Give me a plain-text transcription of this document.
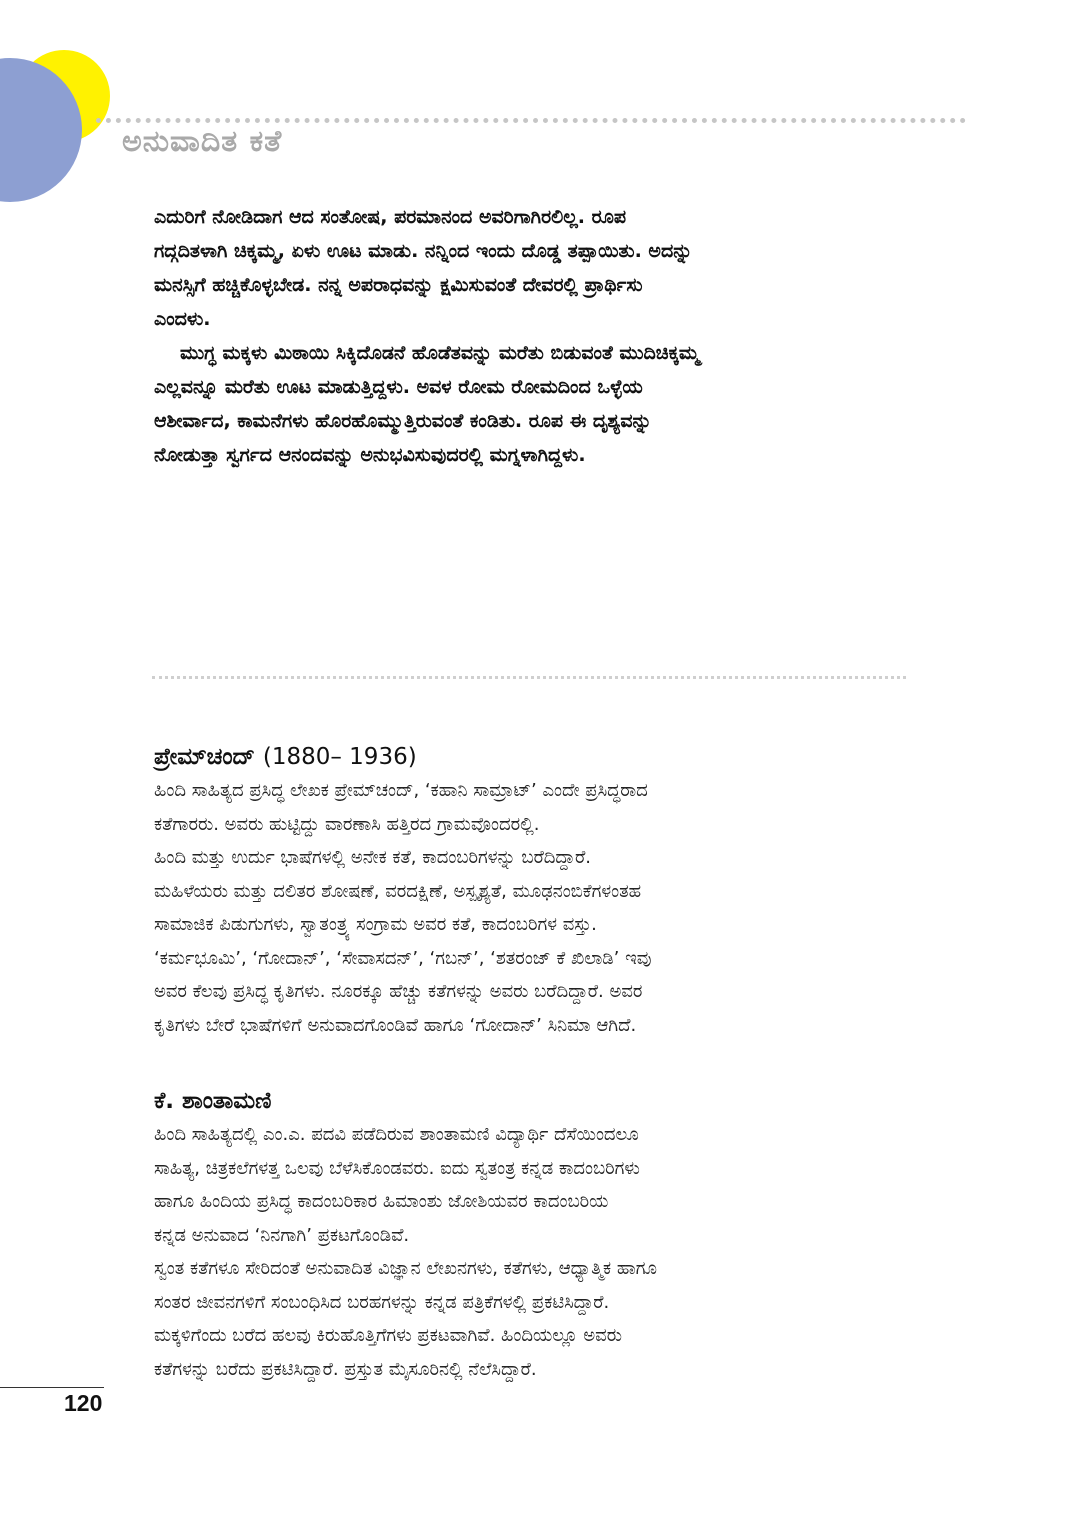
ಅನುವಾದಿತ ಕತೆ

ಎದುರಿಗೆ ನೋಡಿದಾಗ ಆದ ಸಂತೋಷ, ಪರಮಾನಂದ ಅವರಿಗಾಗಿರಲಿಲ್ಲ. ರೂಪ
ಗದ್ಗದಿತಳಾಗಿ ಚಿಕ್ಕಮ್ಮ, ಏಳು ಊಟ ಮಾಡು. ನನ್ನಿಂದ ಇಂದು ದೊಡ್ಡ ತಪ್ಪಾಯಿತು. ಅದನ್ನು
ಮನಸ್ಸಿಗೆ ಹಚ್ಚಿಕೊಳ್ಳಬೇಡ. ನನ್ನ ಅಪರಾಧವನ್ನು ಕ್ಷಮಿಸುವಂತೆ ದೇವರಲ್ಲಿ ಪ್ರಾರ್ಥಿಸು
ಎಂದಳು.

ಮುಗ್ಧ ಮಕ್ಕಳು ಮಿಠಾಯಿ ಸಿಕ್ಕಿದೊಡನೆ ಹೊಡೆತವನ್ನು ಮರೆತು ಬಿಡುವಂತೆ ಮುದಿಚಿಕ್ಕಮ್ಮ
ಎಲ್ಲವನ್ನೂ ಮರೆತು ಊಟ ಮಾಡುತ್ತಿದ್ದಳು. ಅವಳ ರೋಮ ರೋಮದಿಂದ ಒಳ್ಳೆಯ
ಆಶೀರ್ವಾದ, ಕಾಮನೆಗಳು ಹೊರಹೊಮ್ಮುತ್ತಿರುವಂತೆ ಕಂಡಿತು. ರೂಪ ಈ ದೃಶ್ಯವನ್ನು
ನೋಡುತ್ತಾ ಸ್ವರ್ಗದ ಆನಂದವನ್ನು ಅನುಭವಿಸುವುದರಲ್ಲಿ ಮಗ್ನಳಾಗಿದ್ದಳು.

ಪ್ರೇಮ್‌ಚಂದ್ (1880– 1936)
ಹಿಂದಿ ಸಾಹಿತ್ಯದ ಪ್ರಸಿದ್ಧ ಲೇಖಕ ಪ್ರೇಮ್‌ಚಂದ್, ‘ಕಹಾನಿ ಸಾಮ್ರಾಟ್’ ಎಂದೇ ಪ್ರಸಿದ್ಧರಾದ
ಕತೆಗಾರರು. ಅವರು ಹುಟ್ಟಿದ್ದು ವಾರಣಾಸಿ ಹತ್ತಿರದ ಗ್ರಾಮವೊಂದರಲ್ಲಿ.
ಹಿಂದಿ ಮತ್ತು ಉರ್ದು ಭಾಷೆಗಳಲ್ಲಿ ಅನೇಕ ಕತೆ, ಕಾದಂಬರಿಗಳನ್ನು ಬರೆದಿದ್ದಾರೆ.
ಮಹಿಳೆಯರು ಮತ್ತು ದಲಿತರ ಶೋಷಣೆ, ವರದಕ್ಷಿಣೆ, ಅಸ್ಪೃಶ್ಯತೆ, ಮೂಢನಂಬಿಕೆಗಳಂತಹ
ಸಾಮಾಜಿಕ ಪಿಡುಗುಗಳು, ಸ್ವಾತಂತ್ರ್ಯ ಸಂಗ್ರಾಮ ಅವರ ಕತೆ, ಕಾದಂಬರಿಗಳ ವಸ್ತು.
‘ಕರ್ಮಭೂಮಿ’, ‘ಗೋದಾನ್’, ‘ಸೇವಾಸದನ್’, ‘ಗಬನ್’, ‘ಶತರಂಜ್ ಕೆ ಖಿಲಾಡಿ’ ಇವು
ಅವರ ಕೆಲವು ಪ್ರಸಿದ್ಧ ಕೃತಿಗಳು. ನೂರಕ್ಕೂ ಹೆಚ್ಚು ಕತೆಗಳನ್ನು ಅವರು ಬರೆದಿದ್ದಾರೆ. ಅವರ
ಕೃತಿಗಳು ಬೇರೆ ಭಾಷೆಗಳಿಗೆ ಅನುವಾದಗೊಂಡಿವೆ ಹಾಗೂ ‘ಗೋದಾನ್’ ಸಿನಿಮಾ ಆಗಿದೆ.
ಕೆ. ಶಾಂತಾಮಣಿ
ಹಿಂದಿ ಸಾಹಿತ್ಯದಲ್ಲಿ ಎಂ.ಎ. ಪದವಿ ಪಡೆದಿರುವ ಶಾಂತಾಮಣಿ ವಿದ್ಯಾರ್ಥಿ ದೆಸೆಯಿಂದಲೂ
ಸಾಹಿತ್ಯ, ಚಿತ್ರಕಲೆಗಳತ್ತ ಒಲವು ಬೆಳೆಸಿಕೊಂಡವರು. ಐದು ಸ್ವತಂತ್ರ ಕನ್ನಡ ಕಾದಂಬರಿಗಳು
ಹಾಗೂ ಹಿಂದಿಯ ಪ್ರಸಿದ್ಧ ಕಾದಂಬರಿಕಾರ ಹಿಮಾಂಶು ಜೋಶಿಯವರ ಕಾದಂಬರಿಯ
ಕನ್ನಡ ಅನುವಾದ ‘ನಿನಗಾಗಿ’ ಪ್ರಕಟಗೊಂಡಿವೆ.
ಸ್ವಂತ ಕತೆಗಳೂ ಸೇರಿದಂತೆ ಅನುವಾದಿತ ವಿಜ್ಞಾನ ಲೇಖನಗಳು, ಕತೆಗಳು, ಆಧ್ಯಾತ್ಮಿಕ ಹಾಗೂ
ಸಂತರ ಜೀವನಗಳಿಗೆ ಸಂಬಂಧಿಸಿದ ಬರಹಗಳನ್ನು ಕನ್ನಡ ಪತ್ರಿಕೆಗಳಲ್ಲಿ ಪ್ರಕಟಿಸಿದ್ದಾರೆ.
ಮಕ್ಕಳಿಗೆಂದು ಬರೆದ ಹಲವು ಕಿರುಹೊತ್ತಿಗೆಗಳು ಪ್ರಕಟವಾಗಿವೆ. ಹಿಂದಿಯಲ್ಲೂ ಅವರು
ಕತೆಗಳನ್ನು ಬರೆದು ಪ್ರಕಟಿಸಿದ್ದಾರೆ. ಪ್ರಸ್ತುತ ಮೈಸೂರಿನಲ್ಲಿ ನೆಲೆಸಿದ್ದಾರೆ.

120
